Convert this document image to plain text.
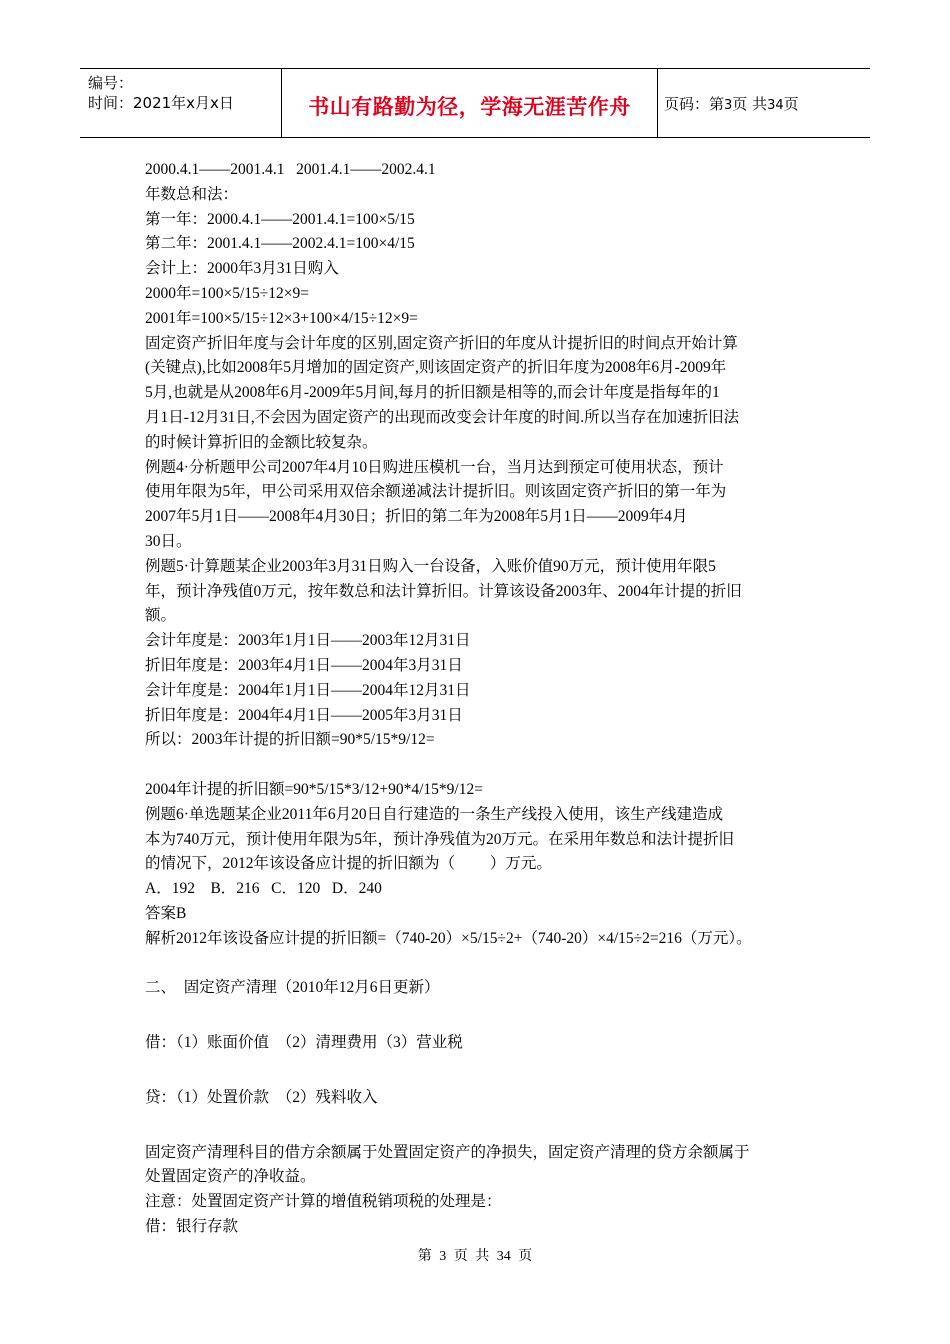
编号：
时间：2021年x月x日	书山有路勤为径，学海无涯苦作舟	页码：第3页 共34页

2000.4.1——2001.4.1   2001.4.1——2002.4.1

年数总和法：

第一年：2000.4.1——2001.4.1=100×5/15

第二年：2001.4.1——2002.4.1=100×4/15

会计上：2000年3月31日购入

2000年=100×5/15÷12×9=

2001年=100×5/15÷12×3+100×4/15÷12×9=

固定资产折旧年度与会计年度的区别,固定资产折旧的年度从计提折旧的时间点开始计算

(关键点),比如2008年5月增加的固定资产,则该固定资产的折旧年度为2008年6月-2009年

5月,也就是从2008年6月-2009年5月间,每月的折旧额是相等的,而会计年度是指每年的1

月1日-12月31日,不会因为固定资产的出现而改变会计年度的时间.所以当存在加速折旧法

的时候计算折旧的金额比较复杂。

例题4·分析题甲公司2007年4月10日购进压模机一台，当月达到预定可使用状态，预计

使用年限为5年，甲公司采用双倍余额递减法计提折旧。则该固定资产折旧的第一年为

2007年5月1日——2008年4月30日；折旧的第二年为2008年5月1日——2009年4月

30日。

例题5·计算题某企业2003年3月31日购入一台设备，入账价值90万元，预计使用年限5

年，预计净残值0万元，按年数总和法计算折旧。计算该设备2003年、2004年计提的折旧

额。

会计年度是：2003年1月1日——2003年12月31日

折旧年度是：2003年4月1日——2004年3月31日

会计年度是：2004年1月1日——2004年12月31日

折旧年度是：2004年4月1日——2005年3月31日

所以：2003年计提的折旧额=90*5/15*9/12=

2004年计提的折旧额=90*5/15*3/12+90*4/15*9/12=

例题6·单选题某企业2011年6月20日自行建造的一条生产线投入使用，该生产线建造成

本为740万元，预计使用年限为5年，预计净残值为20万元。在采用年数总和法计提折旧

的情况下，2012年该设备应计提的折旧额为（         ）万元。

A．192    B．216   C．120   D．240

答案B

解析2012年该设备应计提的折旧额=（740-20）×5/15÷2+（740-20）×4/15÷2=216（万元）。

二、  固定资产清理（2010年12月6日更新）

借：（1）账面价值  （2）清理费用（3）营业税

贷：（1）处置价款  （2）残料收入

固定资产清理科目的借方余额属于处置固定资产的净损失，固定资产清理的贷方余额属于

处置固定资产的净收益。

注意：处置固定资产计算的增值税销项税的处理是：

借：银行存款

第 3 页 共 34 页
